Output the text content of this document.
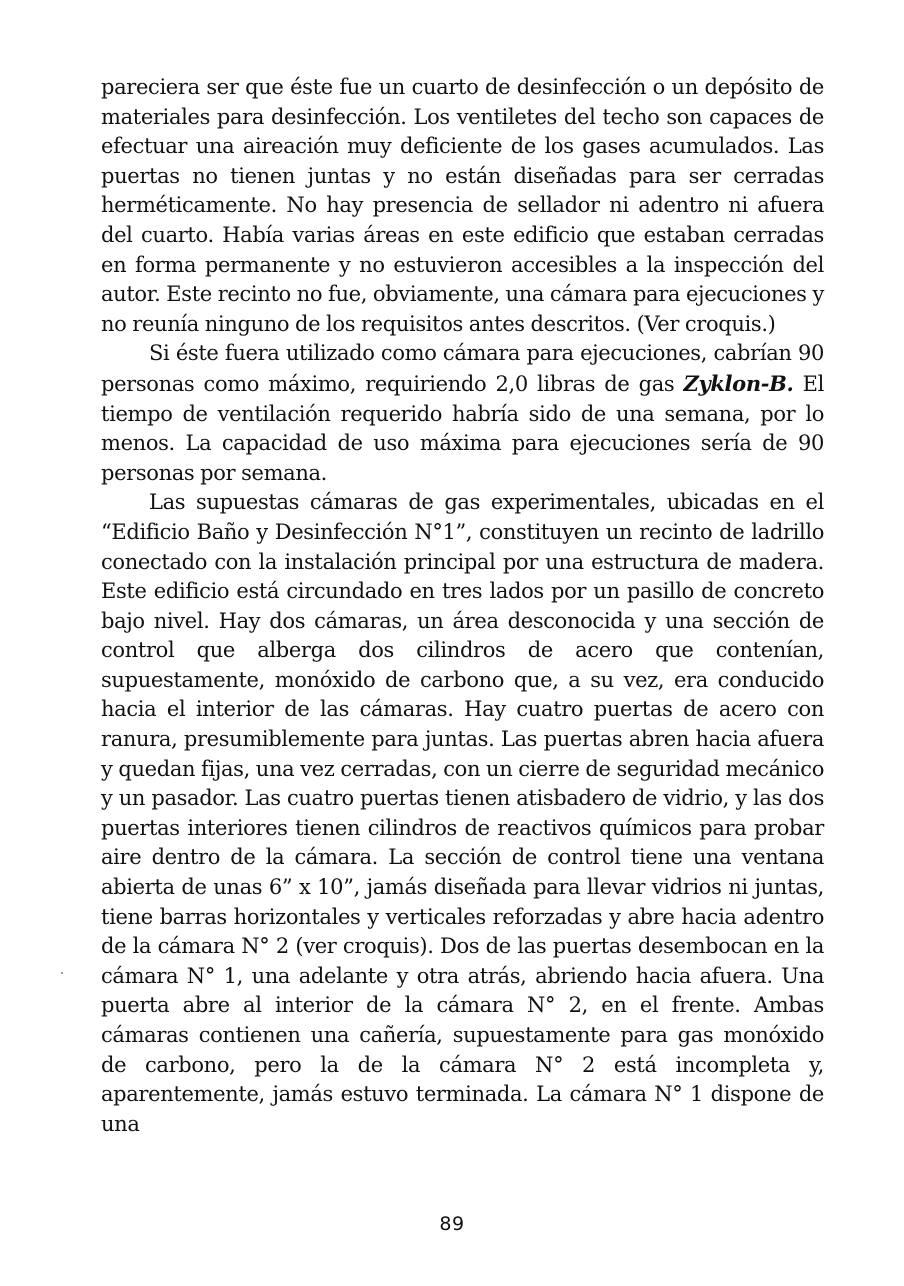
pareciera ser que éste fue un cuarto de desinfección o un depósito de materiales para desinfección. Los ventiletes del techo son capaces de efectuar una aireación muy deficiente de los gases acumulados. Las puertas no tienen juntas y no están diseñadas para ser cerradas herméticamente. No hay presencia de sellador ni adentro ni afuera del cuarto. Había varias áreas en este edificio que estaban cerradas en forma permanente y no estuvieron accesibles a la inspección del autor. Este recinto no fue, obviamente, una cámara para ejecuciones y no reunía ninguno de los requisitos antes descritos. (Ver croquis.)

Si éste fuera utilizado como cámara para ejecuciones, cabrían 90 personas como máximo, requiriendo 2,0 libras de gas Zyklon-B. El tiempo de ventilación requerido habría sido de una semana, por lo menos. La capacidad de uso máxima para ejecuciones sería de 90 personas por semana.

Las supuestas cámaras de gas experimentales, ubicadas en el “Edificio Baño y Desinfección N°1”, constituyen un recinto de ladrillo conectado con la instalación principal por una estructura de madera. Este edificio está circundado en tres lados por un pasillo de concreto bajo nivel. Hay dos cámaras, un área desconocida y una sección de control que alberga dos cilindros de acero que contenían, supuestamente, monóxido de carbono que, a su vez, era conducido hacia el interior de las cámaras. Hay cuatro puertas de acero con ranura, presumiblemente para juntas. Las puertas abren hacia afuera y quedan fijas, una vez cerradas, con un cierre de seguridad mecánico y un pasador. Las cuatro puertas tienen atisbadero de vidrio, y las dos puertas interiores tienen cilindros de reactivos químicos para probar aire dentro de la cámara. La sección de control tiene una ventana abierta de unas 6” x 10”, jamás diseñada para llevar vidrios ni juntas, tiene barras horizontales y verticales reforzadas y abre hacia adentro de la cámara N° 2 (ver croquis). Dos de las puertas desembocan en la cámara N° 1, una adelante y otra atrás, abriendo hacia afuera. Una puerta abre al interior de la cámara N° 2, en el frente. Ambas cámaras contienen una cañería, supuestamente para gas monóxido de carbono, pero la de la cámara N° 2 está incompleta y, aparentemente, jamás estuvo terminada. La cámara N° 1 dispone de una

89
